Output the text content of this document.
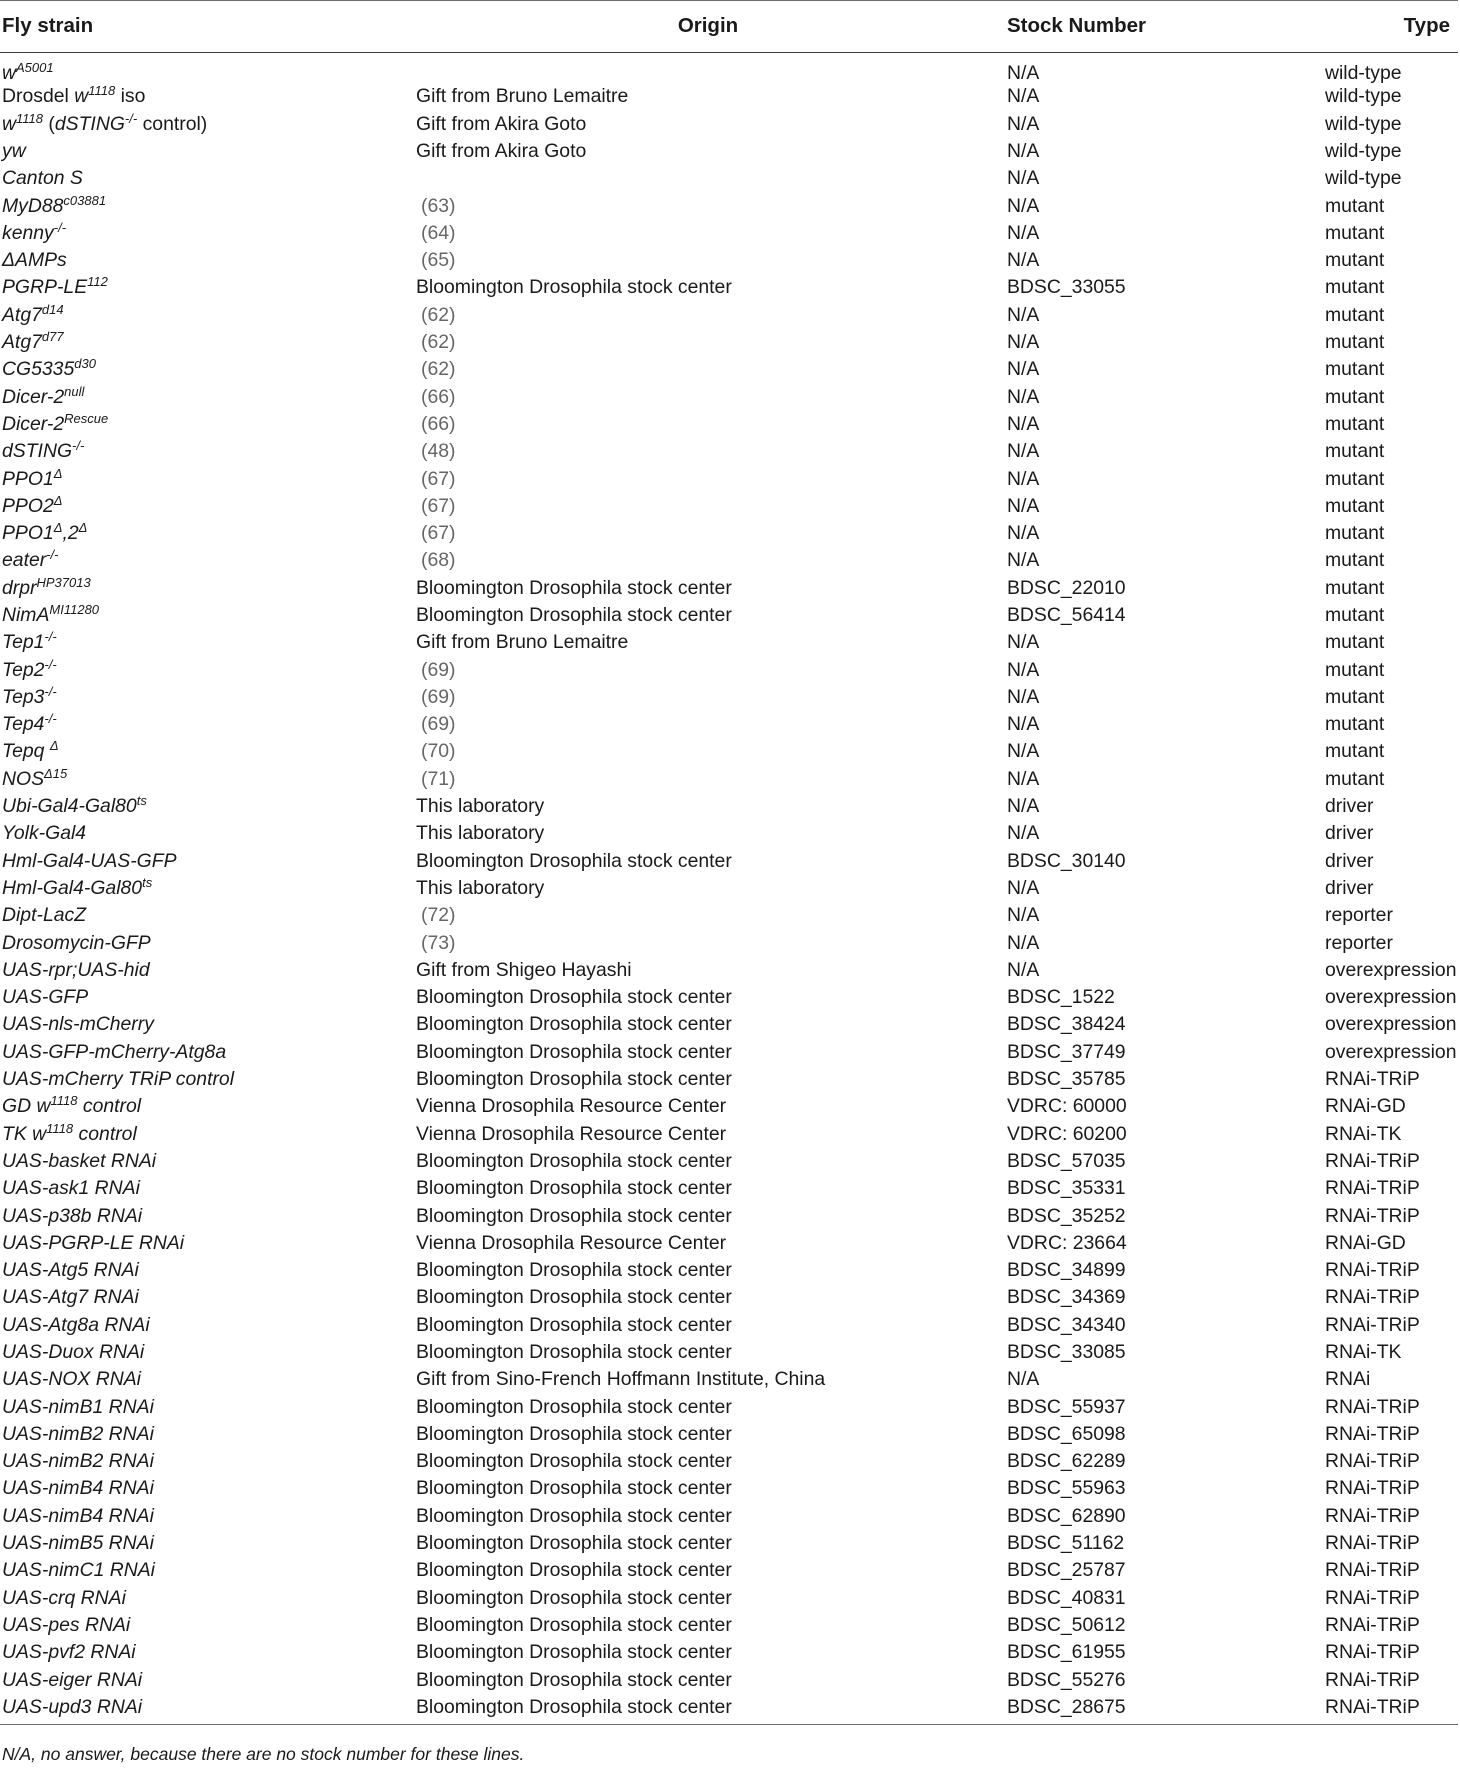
Fly strain	Origin	Stock Number	Type
$w^{A5001}$		N/A	wild-type
Drosdel $w^{1118}$ iso	Gift from Bruno Lemaitre	N/A	wild-type
$w^{1118}$ (dSTING-/- control)	Gift from Akira Goto	N/A	wild-type
yw	Gift from Akira Goto	N/A	wild-type
Canton S		N/A	wild-type
$MyD88^{c03881}$	(63)	N/A	mutant
kenny-/-	(64)	N/A	mutant
ΔAMPs	(65)	N/A	mutant
PGRP-LE$^{112}$	Bloomington Drosophila stock center	BDSC_33055	mutant
$Atg7^{d14}$	(62)	N/A	mutant
$Atg7^{d77}$	(62)	N/A	mutant
$CG5335^{d30}$	(62)	N/A	mutant
Dicer-$2^{null}$	(66)	N/A	mutant
Dicer-$2^{Rescue}$	(66)	N/A	mutant
dSTING-/-	(48)	N/A	mutant
$PPO1^\Delta$	(67)	N/A	mutant
$PPO2^\Delta$	(67)	N/A	mutant
$PPO1^\Delta,2^\Delta$	(67)	N/A	mutant
eater-/-	(68)	N/A	mutant
drpr$^{HP37013}$	Bloomington Drosophila stock center	BDSC_22010	mutant
NimA$^{MI11280}$	Bloomington Drosophila stock center	BDSC_56414	mutant
Tep1-/-	Gift from Bruno Lemaitre	N/A	mutant
Tep2-/-	(69)	N/A	mutant
Tep3-/-	(69)	N/A	mutant
Tep4-/-	(69)	N/A	mutant
Tepq $^\Delta$	(70)	N/A	mutant
$NOS^{\Delta 15}$	(71)	N/A	mutant
Ubi-$Gal4-Gal80^{ts}$	This laboratory	N/A	driver
Yolk-Gal4	This laboratory	N/A	driver
Hml-Gal4-UAS-GFP	Bloomington Drosophila stock center	BDSC_30140	driver
Hml-$Gal4-Gal80^{ts}$	This laboratory	N/A	driver
Dipt-LacZ	(72)	N/A	reporter
Drosomycin-GFP	(73)	N/A	reporter
UAS-rpr;UAS-hid	Gift from Shigeo Hayashi	N/A	overexpression
UAS-GFP	Bloomington Drosophila stock center	BDSC_1522	overexpression
UAS-nls-mCherry	Bloomington Drosophila stock center	BDSC_38424	overexpression
UAS-GFP-mCherry-Atg8a	Bloomington Drosophila stock center	BDSC_37749	overexpression
UAS-mCherry TRiP control	Bloomington Drosophila stock center	BDSC_35785	RNAi-TRiP
GD $w^{1118}$ control	Vienna Drosophila Resource Center	VDRC: 60000	RNAi-GD
TK $w^{1118}$ control	Vienna Drosophila Resource Center	VDRC: 60200	RNAi-TK
UAS-basket RNAi	Bloomington Drosophila stock center	BDSC_57035	RNAi-TRiP
UAS-ask1 RNAi	Bloomington Drosophila stock center	BDSC_35331	RNAi-TRiP
UAS-p38b RNAi	Bloomington Drosophila stock center	BDSC_35252	RNAi-TRiP
UAS-PGRP-LE RNAi	Vienna Drosophila Resource Center	VDRC: 23664	RNAi-GD
UAS-Atg5 RNAi	Bloomington Drosophila stock center	BDSC_34899	RNAi-TRiP
UAS-Atg7 RNAi	Bloomington Drosophila stock center	BDSC_34369	RNAi-TRiP
UAS-Atg8a RNAi	Bloomington Drosophila stock center	BDSC_34340	RNAi-TRiP
UAS-Duox RNAi	Bloomington Drosophila stock center	BDSC_33085	RNAi-TK
UAS-NOX RNAi	Gift from Sino-French Hoffmann Institute, China	N/A	RNAi
UAS-nimB1 RNAi	Bloomington Drosophila stock center	BDSC_55937	RNAi-TRiP
UAS-nimB2 RNAi	Bloomington Drosophila stock center	BDSC_65098	RNAi-TRiP
UAS-nimB2 RNAi	Bloomington Drosophila stock center	BDSC_62289	RNAi-TRiP
UAS-nimB4 RNAi	Bloomington Drosophila stock center	BDSC_55963	RNAi-TRiP
UAS-nimB4 RNAi	Bloomington Drosophila stock center	BDSC_62890	RNAi-TRiP
UAS-nimB5 RNAi	Bloomington Drosophila stock center	BDSC_51162	RNAi-TRiP
UAS-nimC1 RNAi	Bloomington Drosophila stock center	BDSC_25787	RNAi-TRiP
UAS-crq RNAi	Bloomington Drosophila stock center	BDSC_40831	RNAi-TRiP
UAS-pes RNAi	Bloomington Drosophila stock center	BDSC_50612	RNAi-TRiP
UAS-pvf2 RNAi	Bloomington Drosophila stock center	BDSC_61955	RNAi-TRiP
UAS-eiger RNAi	Bloomington Drosophila stock center	BDSC_55276	RNAi-TRiP
UAS-upd3 RNAi	Bloomington Drosophila stock center	BDSC_28675	RNAi-TRiP
N/A, no answer, because there are no stock number for these lines.
